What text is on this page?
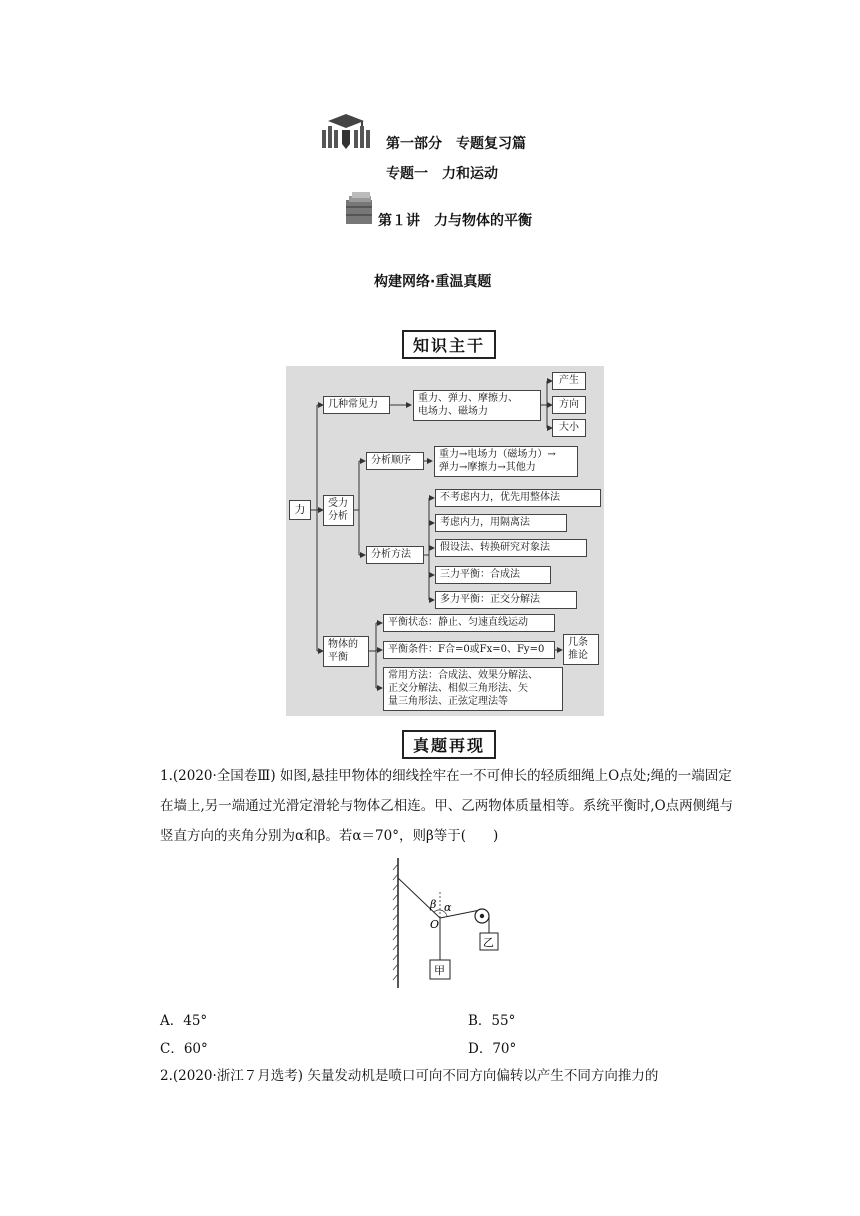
第一部分　专题复习篇
专题一　力和运动
第１讲　力与物体的平衡
构建网络·重温真题
知识主干
力
几种常见力
重力、弹力、摩擦力、
电场力、磁场力
产生
方向
大小
受力
分析
分析顺序
重力→电场力（磁场力）→
弹力→摩擦力→其他力
分析方法
不考虑内力，优先用整体法
考虑内力，用隔离法
假设法、转换研究对象法
三力平衡：合成法
多力平衡：正交分解法
物体的
平衡
平衡状态：静止、匀速直线运动
平衡条件：F合=0或Fx=0、Fy=0
几条
推论
常用方法：合成法、效果分解法、
正交分解法、相似三角形法、矢
量三角形法、正弦定理法等
真题再现
1.(2020·全国卷Ⅲ) 如图,悬挂甲物体的细线拴牢在一不可伸长的轻质细绳上O点处;绳的一端固定在墙上,另一端通过光滑定滑轮与物体乙相连。甲、乙两物体质量相等。系统平衡时,O点两侧绳与竖直方向的夹角分别为α和β。若α＝70°，则β等于(　　)
β α
O
乙
甲
A．45°	B．55°
C．60°	D．70°
2.(2020·浙江７月选考) 矢量发动机是喷口可向不同方向偏转以产生不同方向推力的
